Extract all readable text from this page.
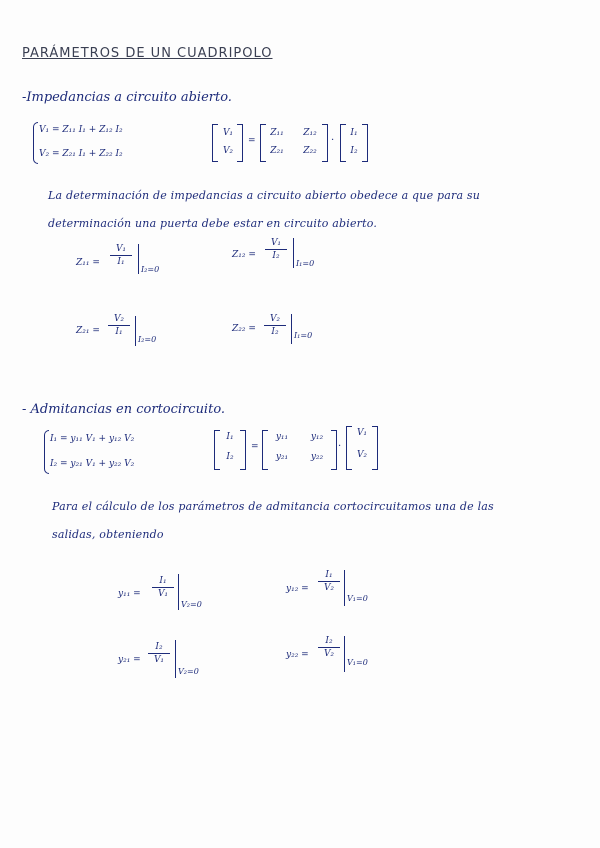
PARÁMETROS DE UN CUADRIPOLO
-Impedancias a circuito abierto.
V₁ = Z₁₁ I₁ + Z₁₂ I₂
V₂ = Z₂₁ I₁ + Z₂₂ I₂
V₁
V₂
=
Z₁₁	Z₁₂
Z₂₁	Z₂₂
·
I₁
I₂
La determinación de impedancias a circuito abierto obedece a que para su
determinación una puerta debe estar en circuito abierto.
Z₁₁ =
V₁
I₁
I₂=0
Z₁₂ =
V₁
I₂
I₁=0
Z₂₁ =
V₂
I₁
I₂=0
Z₂₂ =
V₂
I₂	I₁=0
- Admitancias en cortocircuito.
I₁ = y₁₁ V₁ + y₁₂ V₂
I₂ = y₂₁ V₁ + y₂₂ V₂
I₁
I₂
=
y₁₁	y₁₂
y₂₁	y₂₂
·
V₁
V₂
Para el cálculo de los parámetros de admitancia cortocircuitamos una de las
salidas, obteniendo
y₁₁ =
I₁
V₁
V₂=0
y₁₂ =
I₁
V₂
V₁=0
y₂₁ =
I₂
V₁
V₂=0
y₂₂ =
I₂
V₂
V₁=0
